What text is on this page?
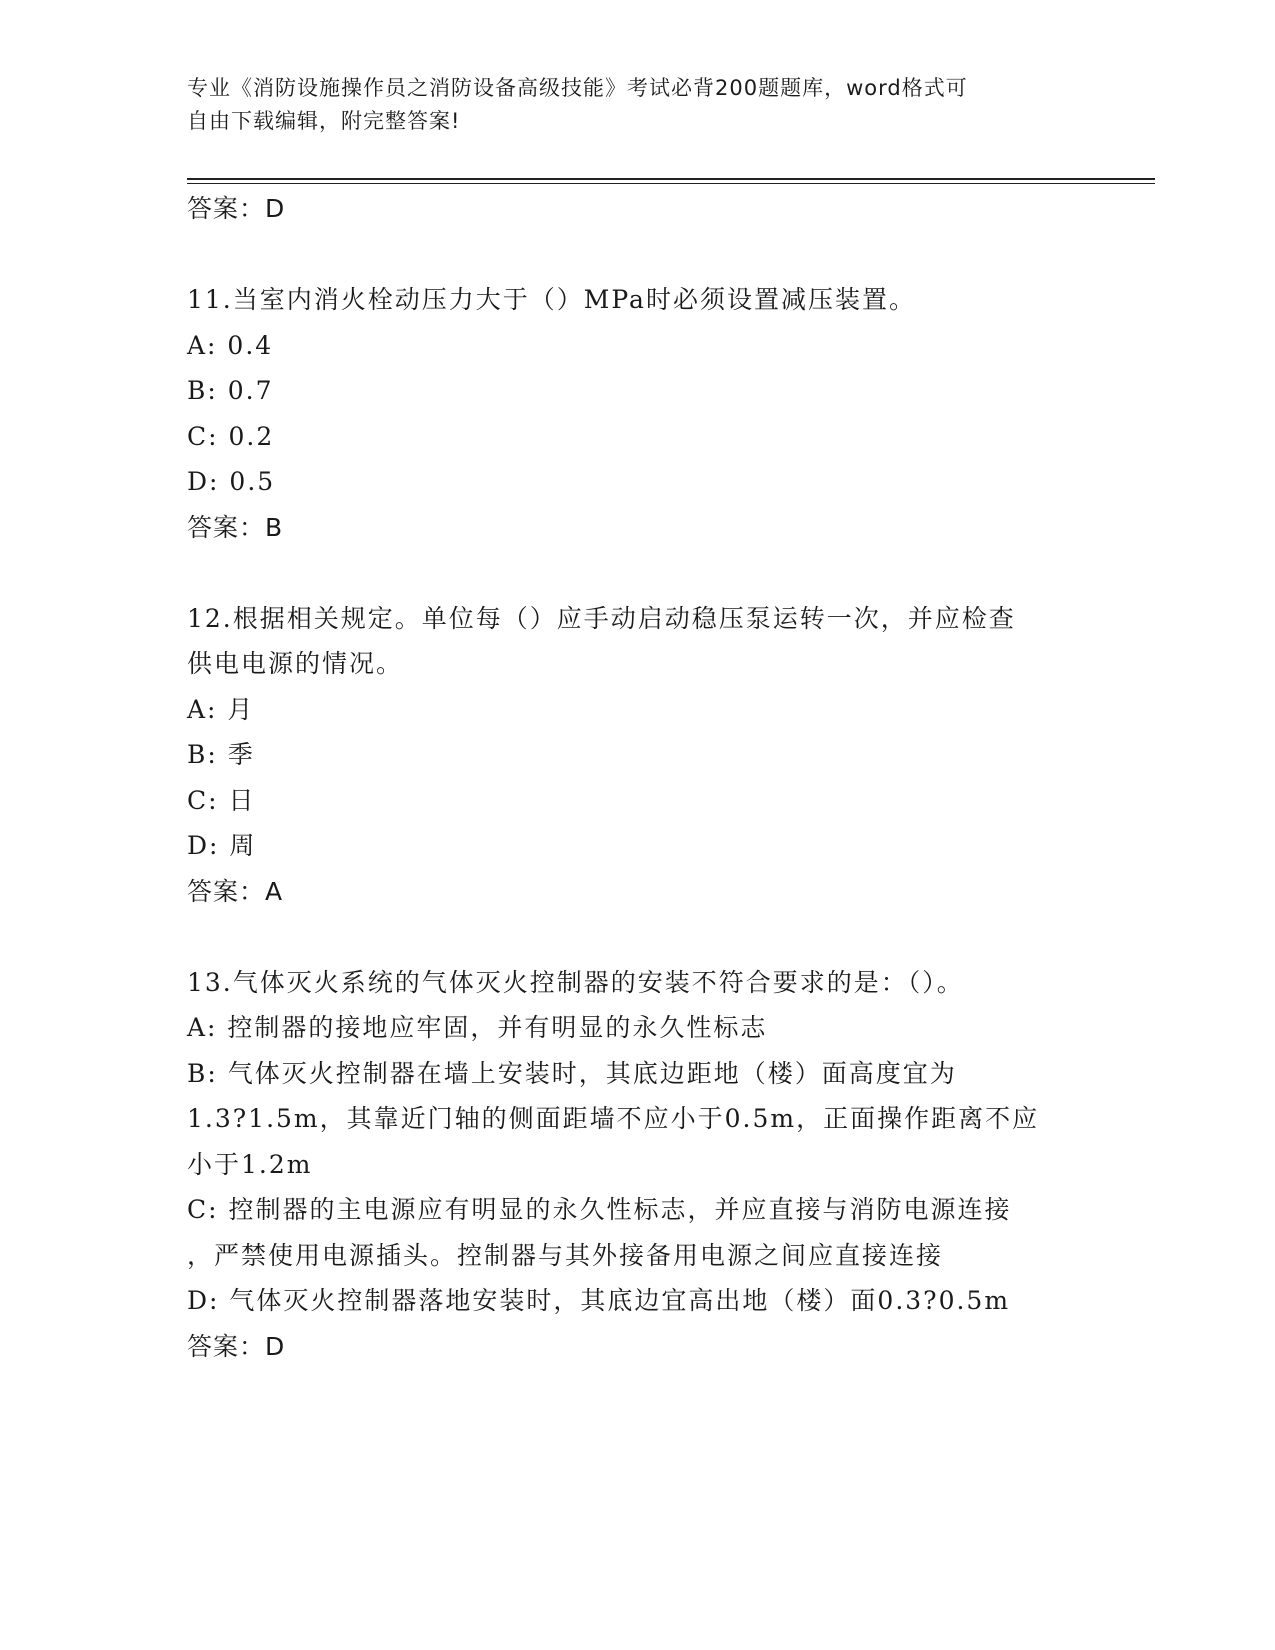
专业《消防设施操作员之消防设备高级技能》考试必背200题题库，word格式可
自由下载编辑，附完整答案!
答案：D
11.当室内消火栓动压力大于（）MPa时必须设置减压装置。
A: 0.4
B: 0.7
C: 0.2
D: 0.5
答案：B
12.根据相关规定。单位每（）应手动启动稳压泵运转一次，并应检查
供电电源的情况。
A: 月
B: 季
C: 日
D: 周
答案：A
13.气体灭火系统的气体灭火控制器的安装不符合要求的是：（）。
A: 控制器的接地应牢固，并有明显的永久性标志
B: 气体灭火控制器在墙上安装时，其底边距地（楼）面高度宜为
1.3?1.5m，其靠近门轴的侧面距墙不应小于0.5m，正面操作距离不应
小于1.2m
C: 控制器的主电源应有明显的永久性标志，并应直接与消防电源连接
，严禁使用电源插头。控制器与其外接备用电源之间应直接连接
D: 气体灭火控制器落地安装时，其底边宜高出地（楼）面0.3?0.5m
答案：D
